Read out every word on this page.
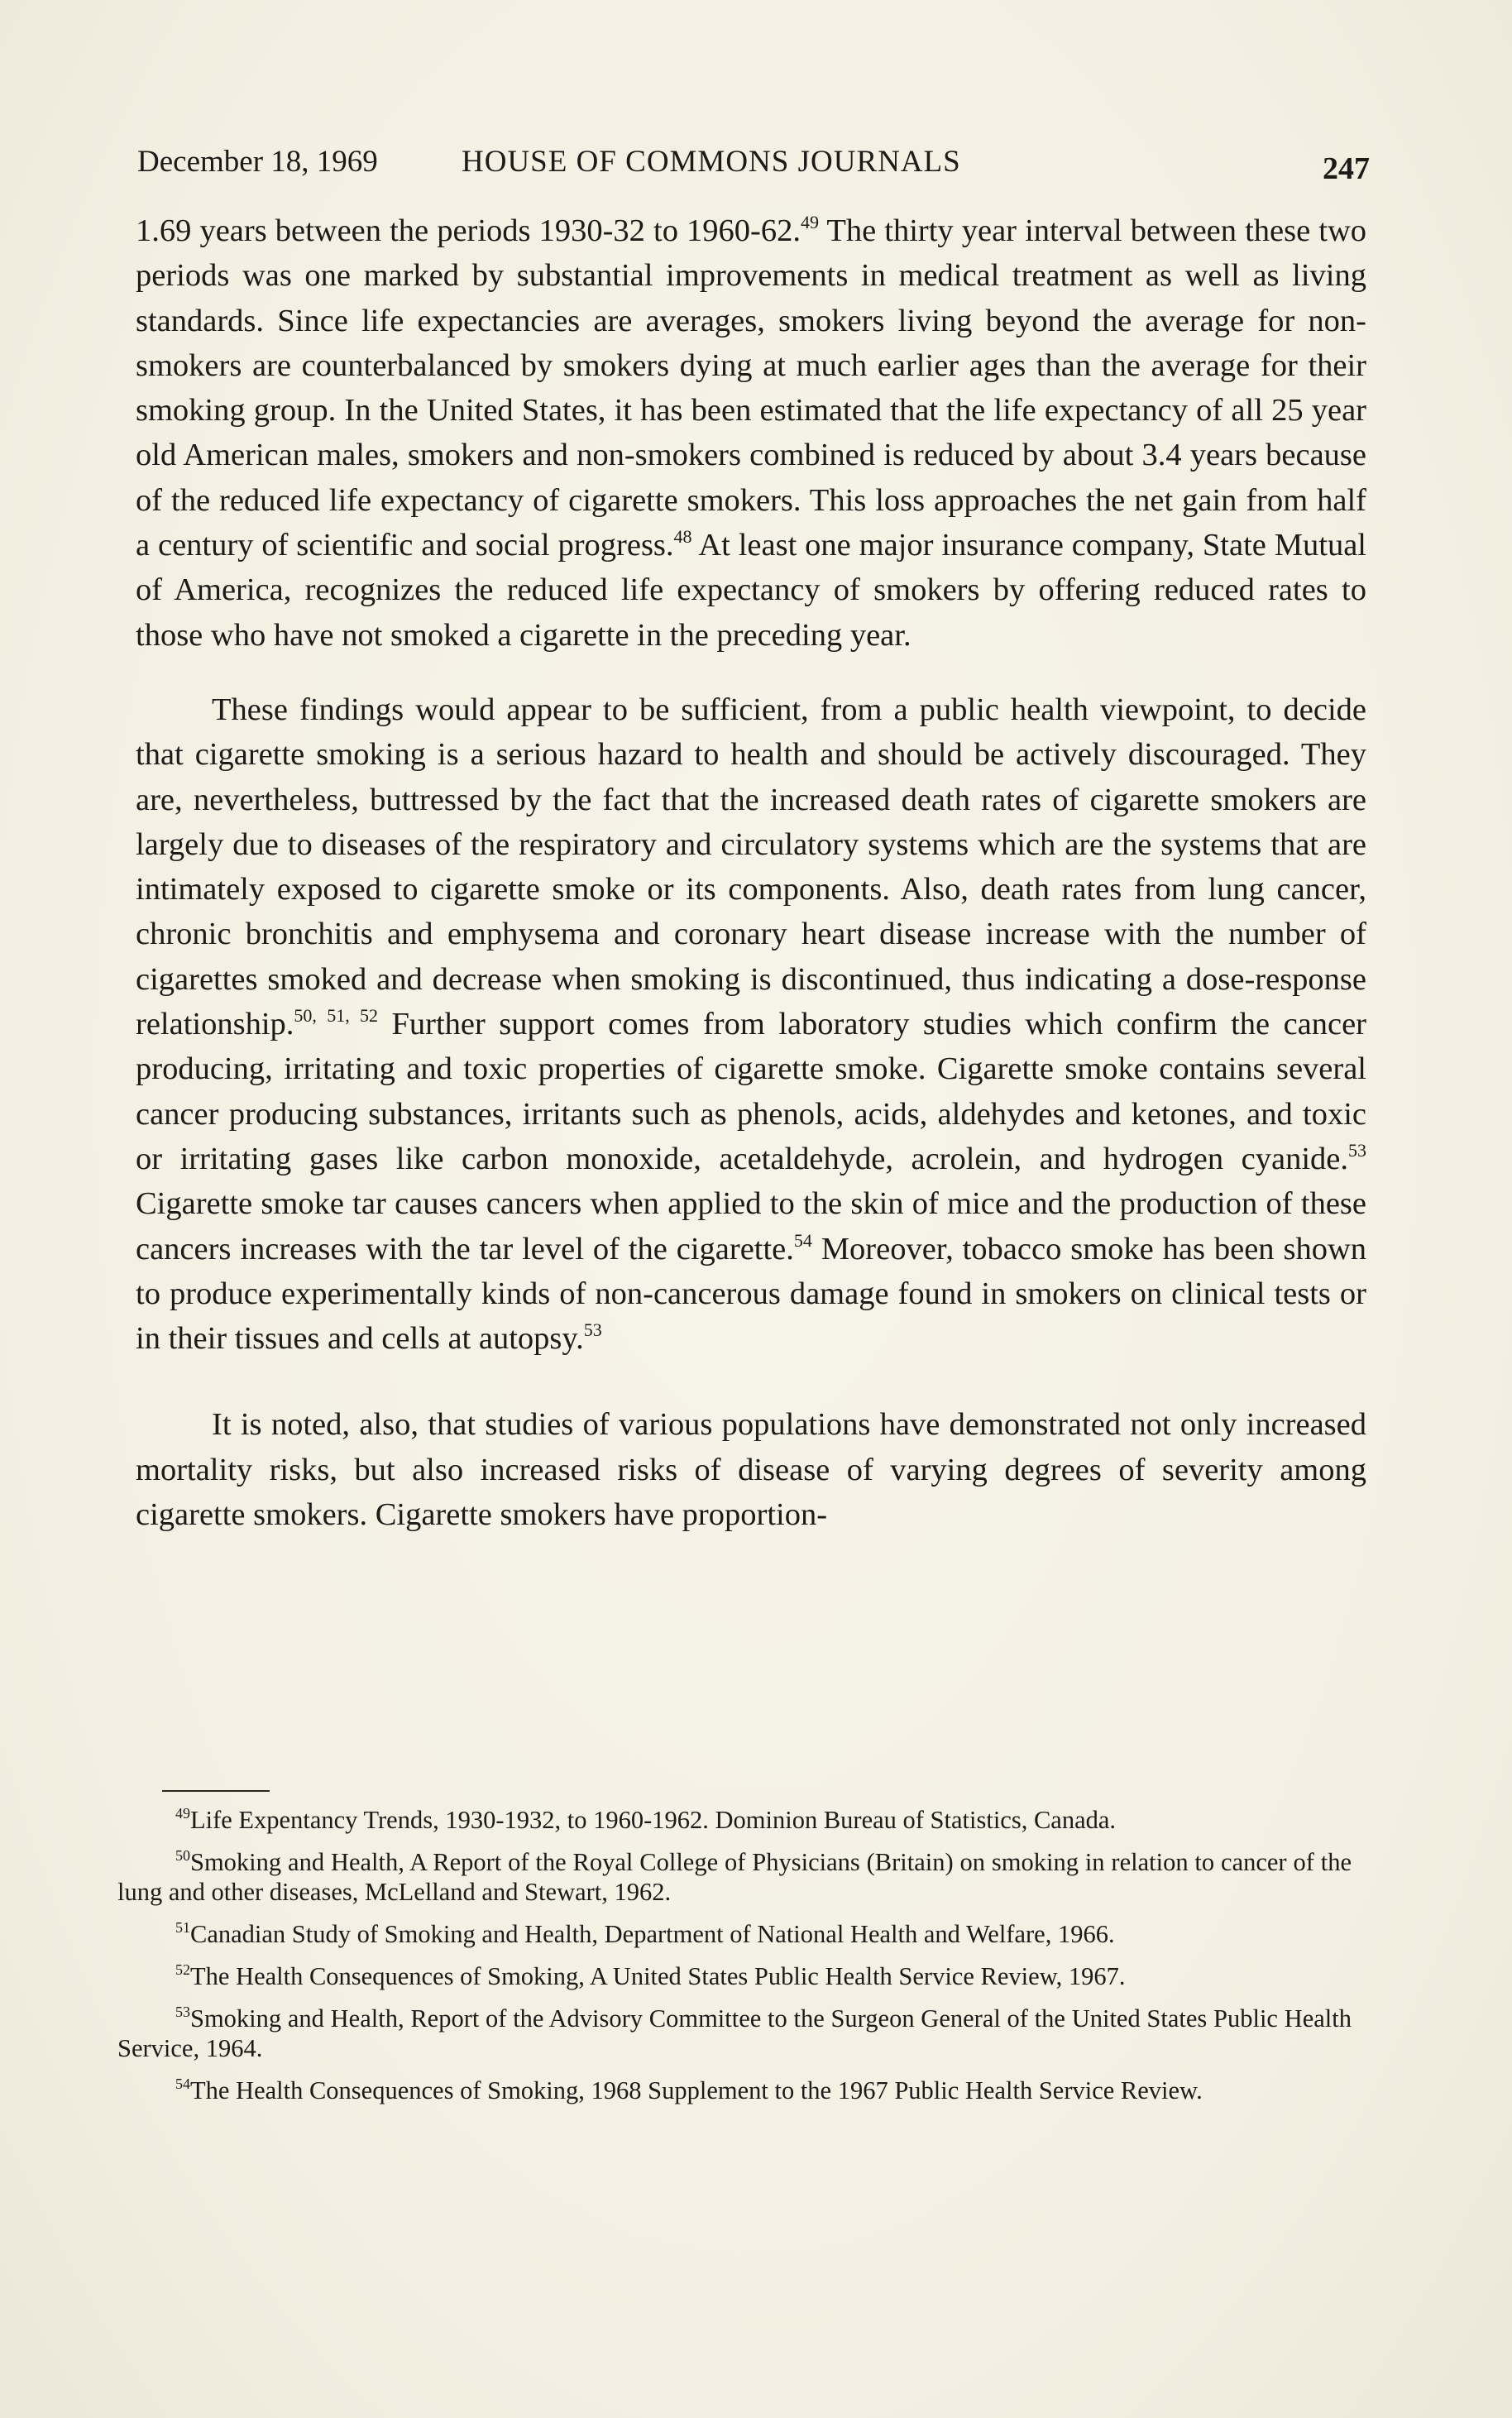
December 18, 1969	HOUSE OF COMMONS JOURNALS	247

1.69 years between the periods 1930-32 to 1960-62.49 The thirty year interval between these two periods was one marked by substantial improvements in medical treatment as well as living standards. Since life expectancies are averages, smokers living beyond the average for non-smokers are counterbalanced by smokers dying at much earlier ages than the average for their smoking group. In the United States, it has been estimated that the life expectancy of all 25 year old American males, smokers and non-smokers combined is reduced by about 3.4 years because of the reduced life expectancy of cigarette smokers. This loss approaches the net gain from half a century of scientific and social progress.$^{48}$ At least one major insurance company, State Mutual of America, recognizes the reduced life expectancy of smokers by offering reduced rates to those who have not smoked a cigarette in the preceding year.

These findings would appear to be sufficient, from a public health viewpoint, to decide that cigarette smoking is a serious hazard to health and should be actively discouraged. They are, nevertheless, buttressed by the fact that the increased death rates of cigarette smokers are largely due to diseases of the respiratory and circulatory systems which are the systems that are intimately exposed to cigarette smoke or its components. Also, death rates from lung cancer, chronic bronchitis and emphysema and coronary heart disease increase with the number of cigarettes smoked and decrease when smoking is discontinued, thus indicating a dose-response relationship.$^{50, 51, 52}$ Further support comes from laboratory studies which confirm the cancer producing, irritating and toxic properties of cigarette smoke. Cigarette smoke contains several cancer producing substances, irritants such as phenols, acids, aldehydes and ketones, and toxic or irritating gases like carbon monoxide, acetaldehyde, acrolein, and hydrogen cyanide.$^{53}$ Cigarette smoke tar causes cancers when applied to the skin of mice and the production of these cancers increases with the tar level of the cigarette.$^{54}$ Moreover, tobacco smoke has been shown to produce experimentally kinds of non-cancerous damage found in smokers on clinical tests or in their tissues and cells at autopsy.$^{53}$

It is noted, also, that studies of various populations have demonstrated not only increased mortality risks, but also increased risks of disease of varying degrees of severity among cigarette smokers. Cigarette smokers have proportion-

$^{49}$Life Expentancy Trends, 1930-1932, to 1960-1962. Dominion Bureau of Statistics, Canada.

$^{50}$Smoking and Health, A Report of the Royal College of Physicians (Britain) on smoking in relation to cancer of the lung and other diseases, McLelland and Stewart, 1962.

$^{51}$Canadian Study of Smoking and Health, Department of National Health and Welfare, 1966.

$^{52}$The Health Consequences of Smoking, A United States Public Health Service Review, 1967.

$^{53}$Smoking and Health, Report of the Advisory Committee to the Surgeon General of the United States Public Health Service, 1964.

$^{54}$The Health Consequences of Smoking, 1968 Supplement to the 1967 Public Health Service Review.
